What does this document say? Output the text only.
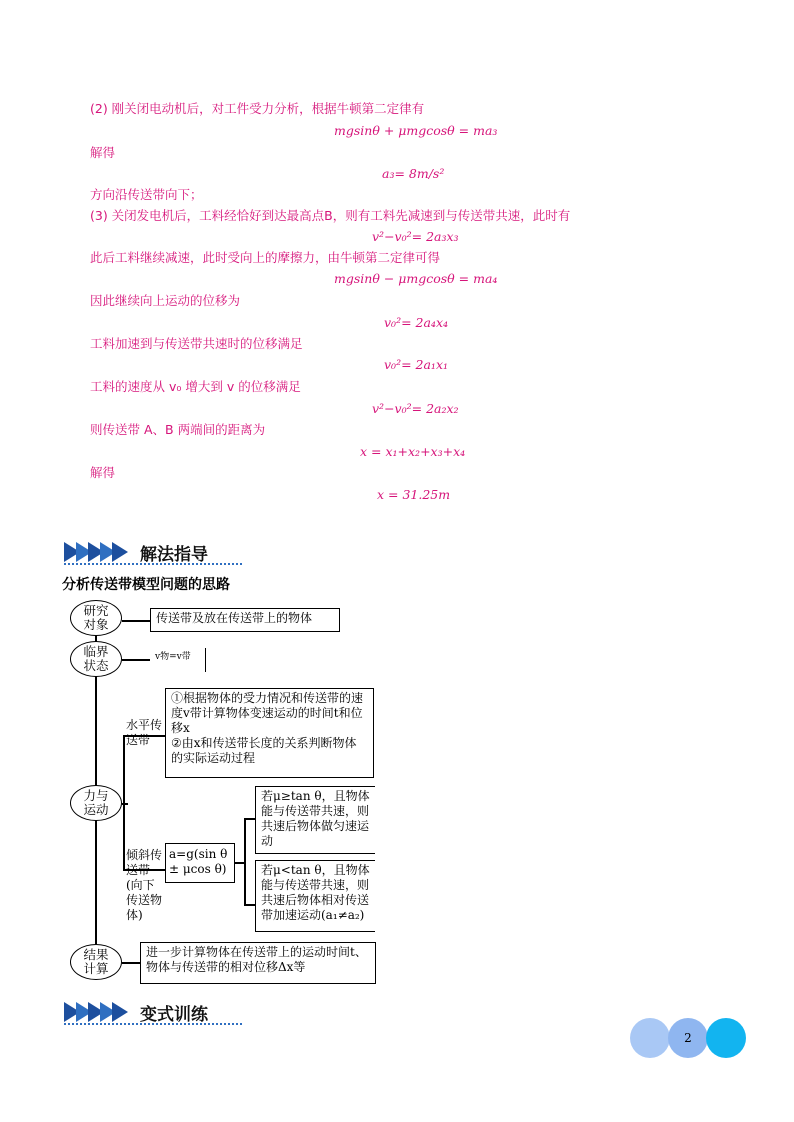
(2) 刚关闭电动机后，对工件受力分析，根据牛顿第二定律有
mgsinθ + μmgcosθ = ma₃
解得
a₃= 8m/s²
方向沿传送带向下；
(3) 关闭发电机后，工料经恰好到达最高点B，则有工料先减速到与传送带共速，此时有
v²−v₀²= 2a₃x₃
此后工料继续减速，此时受向上的摩擦力，由牛顿第二定律可得
mgsinθ − μmgcosθ = ma₄
因此继续向上运动的位移为
v₀²= 2a₄x₄
工料加速到与传送带共速时的位移满足
v₀²= 2a₁x₁
工料的速度从 v₀ 增大到 v 的位移满足
v²−v₀²= 2a₂x₂
则传送带 A、B 两端间的距离为
x = x₁+x₂+x₃+x₄
解得
x = 31.25m
解法指导
分析传送带模型问题的思路
研究对象	传送带及放在传送带上的物体
临界状态
v物=v带
力与运动
水平传送带
①根据物体的受力情况和传送带的速度v带计算物体变速运动的时间t和位移x
②由x和传送带长度的关系判断物体的实际运动过程
倾斜传送带(向下传送物体)
a=g(sin θ ± μcos θ)
若μ≥tan θ，且物体能与传送带共速，则共速后物体做匀速运动
若μ<tan θ，且物体能与传送带共速，则共速后物体相对传送带加速运动(a₁≠a₂)
结果计算
进一步计算物体在传送带上的运动时间t、物体与传送带的相对位移Δx等
变式训练
2
